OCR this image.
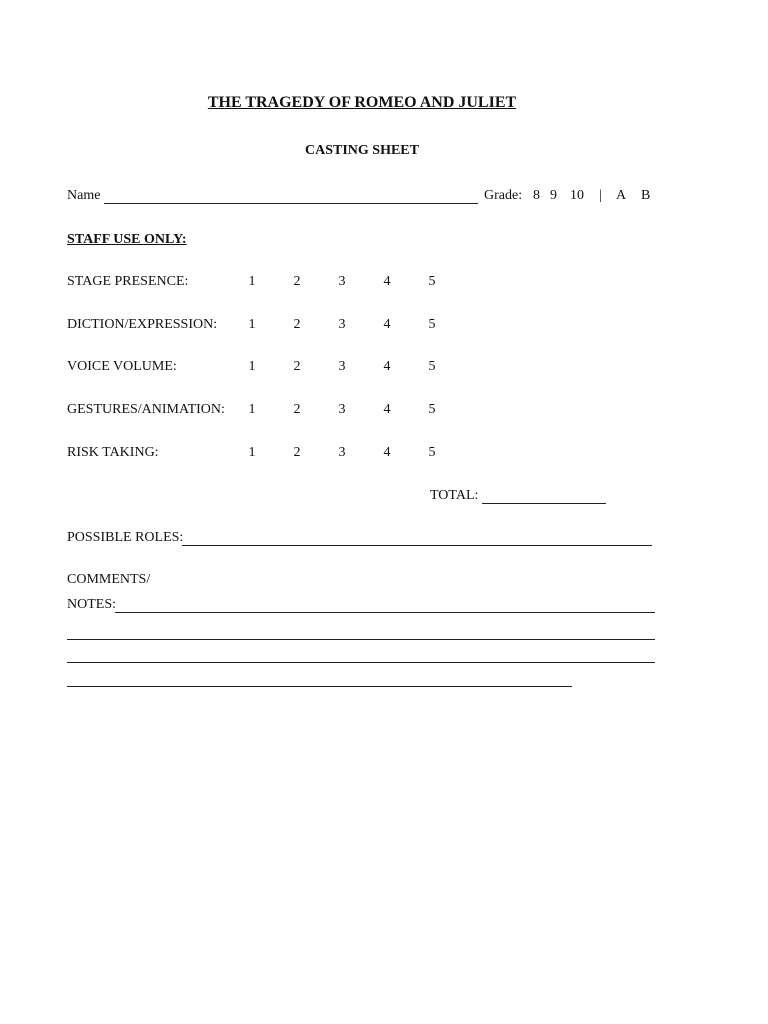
THE TRAGEDY OF ROMEO AND JULIET
CASTING SHEET
Name	Grade: 8 9 10 | A B
STAFF USE ONLY:
STAGE PRESENCE:	1	2	3	4	5
DICTION/EXPRESSION:	1	2	3	4	5
VOICE VOLUME:	1	2	3	4	5
GESTURES/ANIMATION:	1	2	3	4	5
RISK TAKING:	1	2	3	4	5
TOTAL:
POSSIBLE ROLES:
COMMENTS/
NOTES:
